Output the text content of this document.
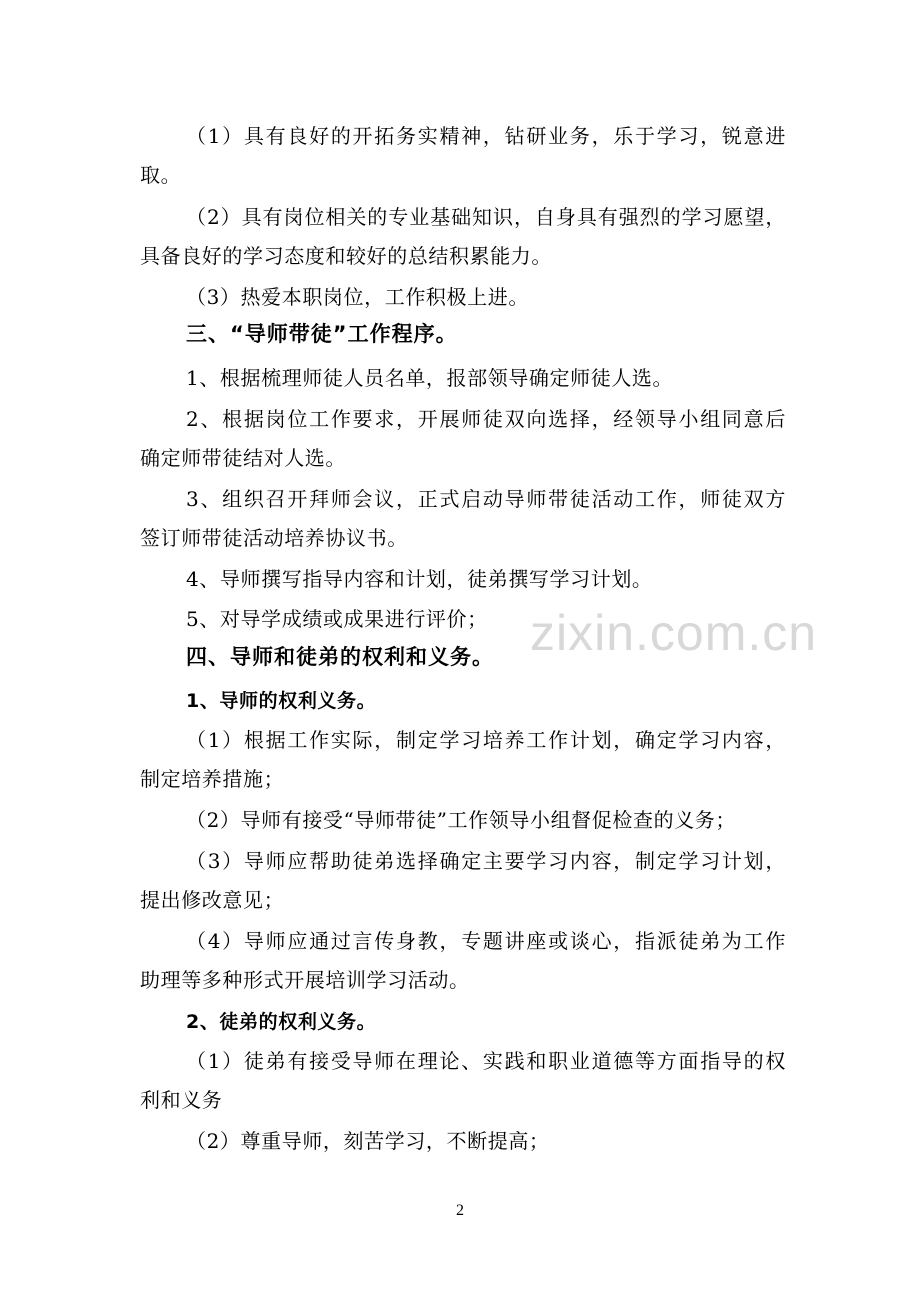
（1）具有良好的开拓务实精神，钻研业务，乐于学习，锐意进
取。
（2）具有岗位相关的专业基础知识，自身具有强烈的学习愿望，
具备良好的学习态度和较好的总结积累能力。
（3）热爱本职岗位，工作积极上进。
三、“导师带徒”工作程序。
1、根据梳理师徒人员名单，报部领导确定师徒人选。
2、根据岗位工作要求，开展师徒双向选择，经领导小组同意后
确定师带徒结对人选。
3、组织召开拜师会议，正式启动导师带徒活动工作，师徒双方
签订师带徒活动培养协议书。
4、导师撰写指导内容和计划，徒弟撰写学习计划。
5、对导学成绩或成果进行评价；
四、导师和徒弟的权利和义务。
1、导师的权利义务。
（1）根据工作实际，制定学习培养工作计划，确定学习内容，
制定培养措施；
（2）导师有接受“导师带徒”工作领导小组督促检查的义务；
（3）导师应帮助徒弟选择确定主要学习内容，制定学习计划，
提出修改意见；
（4）导师应通过言传身教，专题讲座或谈心，指派徒弟为工作
助理等多种形式开展培训学习活动。
2、徒弟的权利义务。
（1）徒弟有接受导师在理论、实践和职业道德等方面指导的权
利和义务
（2）尊重导师，刻苦学习，不断提高；
zixin.com.cn
2
